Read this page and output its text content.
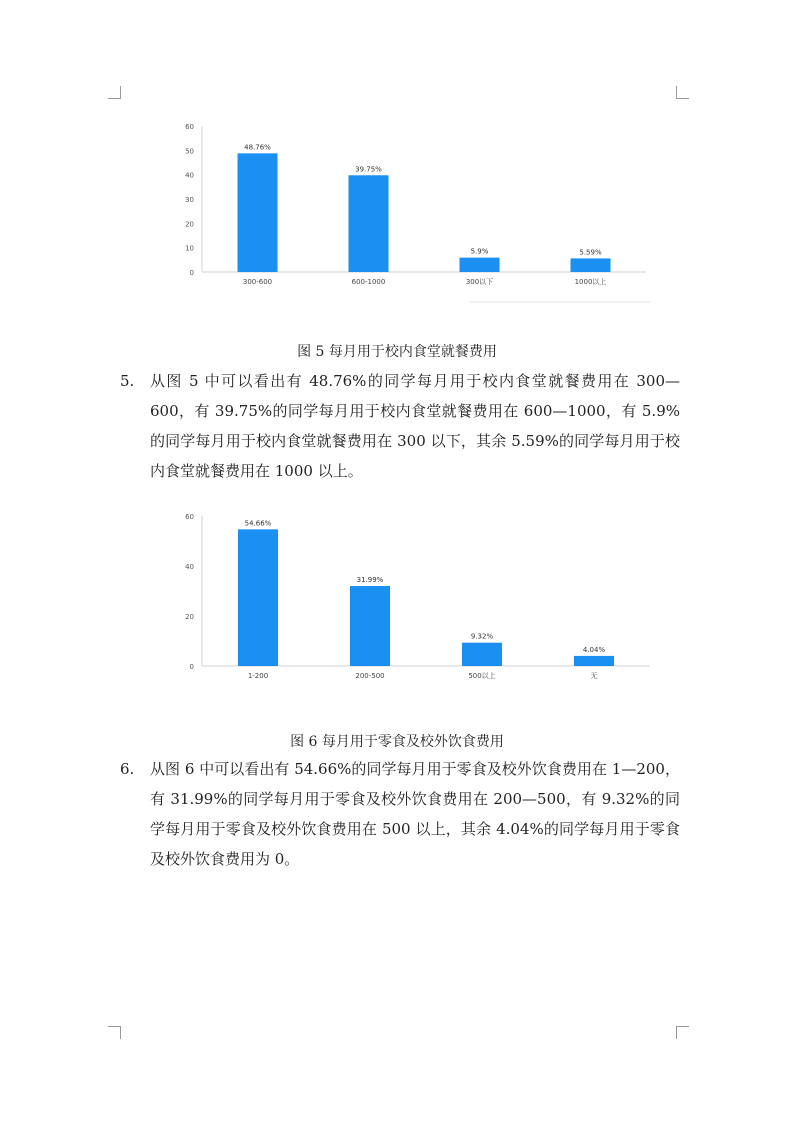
0
10
20
30
40
50
60
48.76%
300-600
39.75%
600-1000
5.9%
300以下
5.59%
1000以上
图 5 每月用于校内食堂就餐费用
5. 从图 5 中可以看出有 48.76%的同学每月用于校内食堂就餐费用在 300—600，有 39.75%的同学每月用于校内食堂就餐费用在 600—1000，有 5.9%的同学每月用于校内食堂就餐费用在 300 以下，其余 5.59%的同学每月用于校内食堂就餐费用在 1000 以上。
0
20
40
60
54.66%
1-200
31.99%
200-500
9.32%
500以上
4.04%
无
图 6 每月用于零食及校外饮食费用
6. 从图 6 中可以看出有 54.66%的同学每月用于零食及校外饮食费用在 1—200，有 31.99%的同学每月用于零食及校外饮食费用在 200—500，有 9.32%的同学每月用于零食及校外饮食费用在 500 以上，其余 4.04%的同学每月用于零食及校外饮食费用为 0。
